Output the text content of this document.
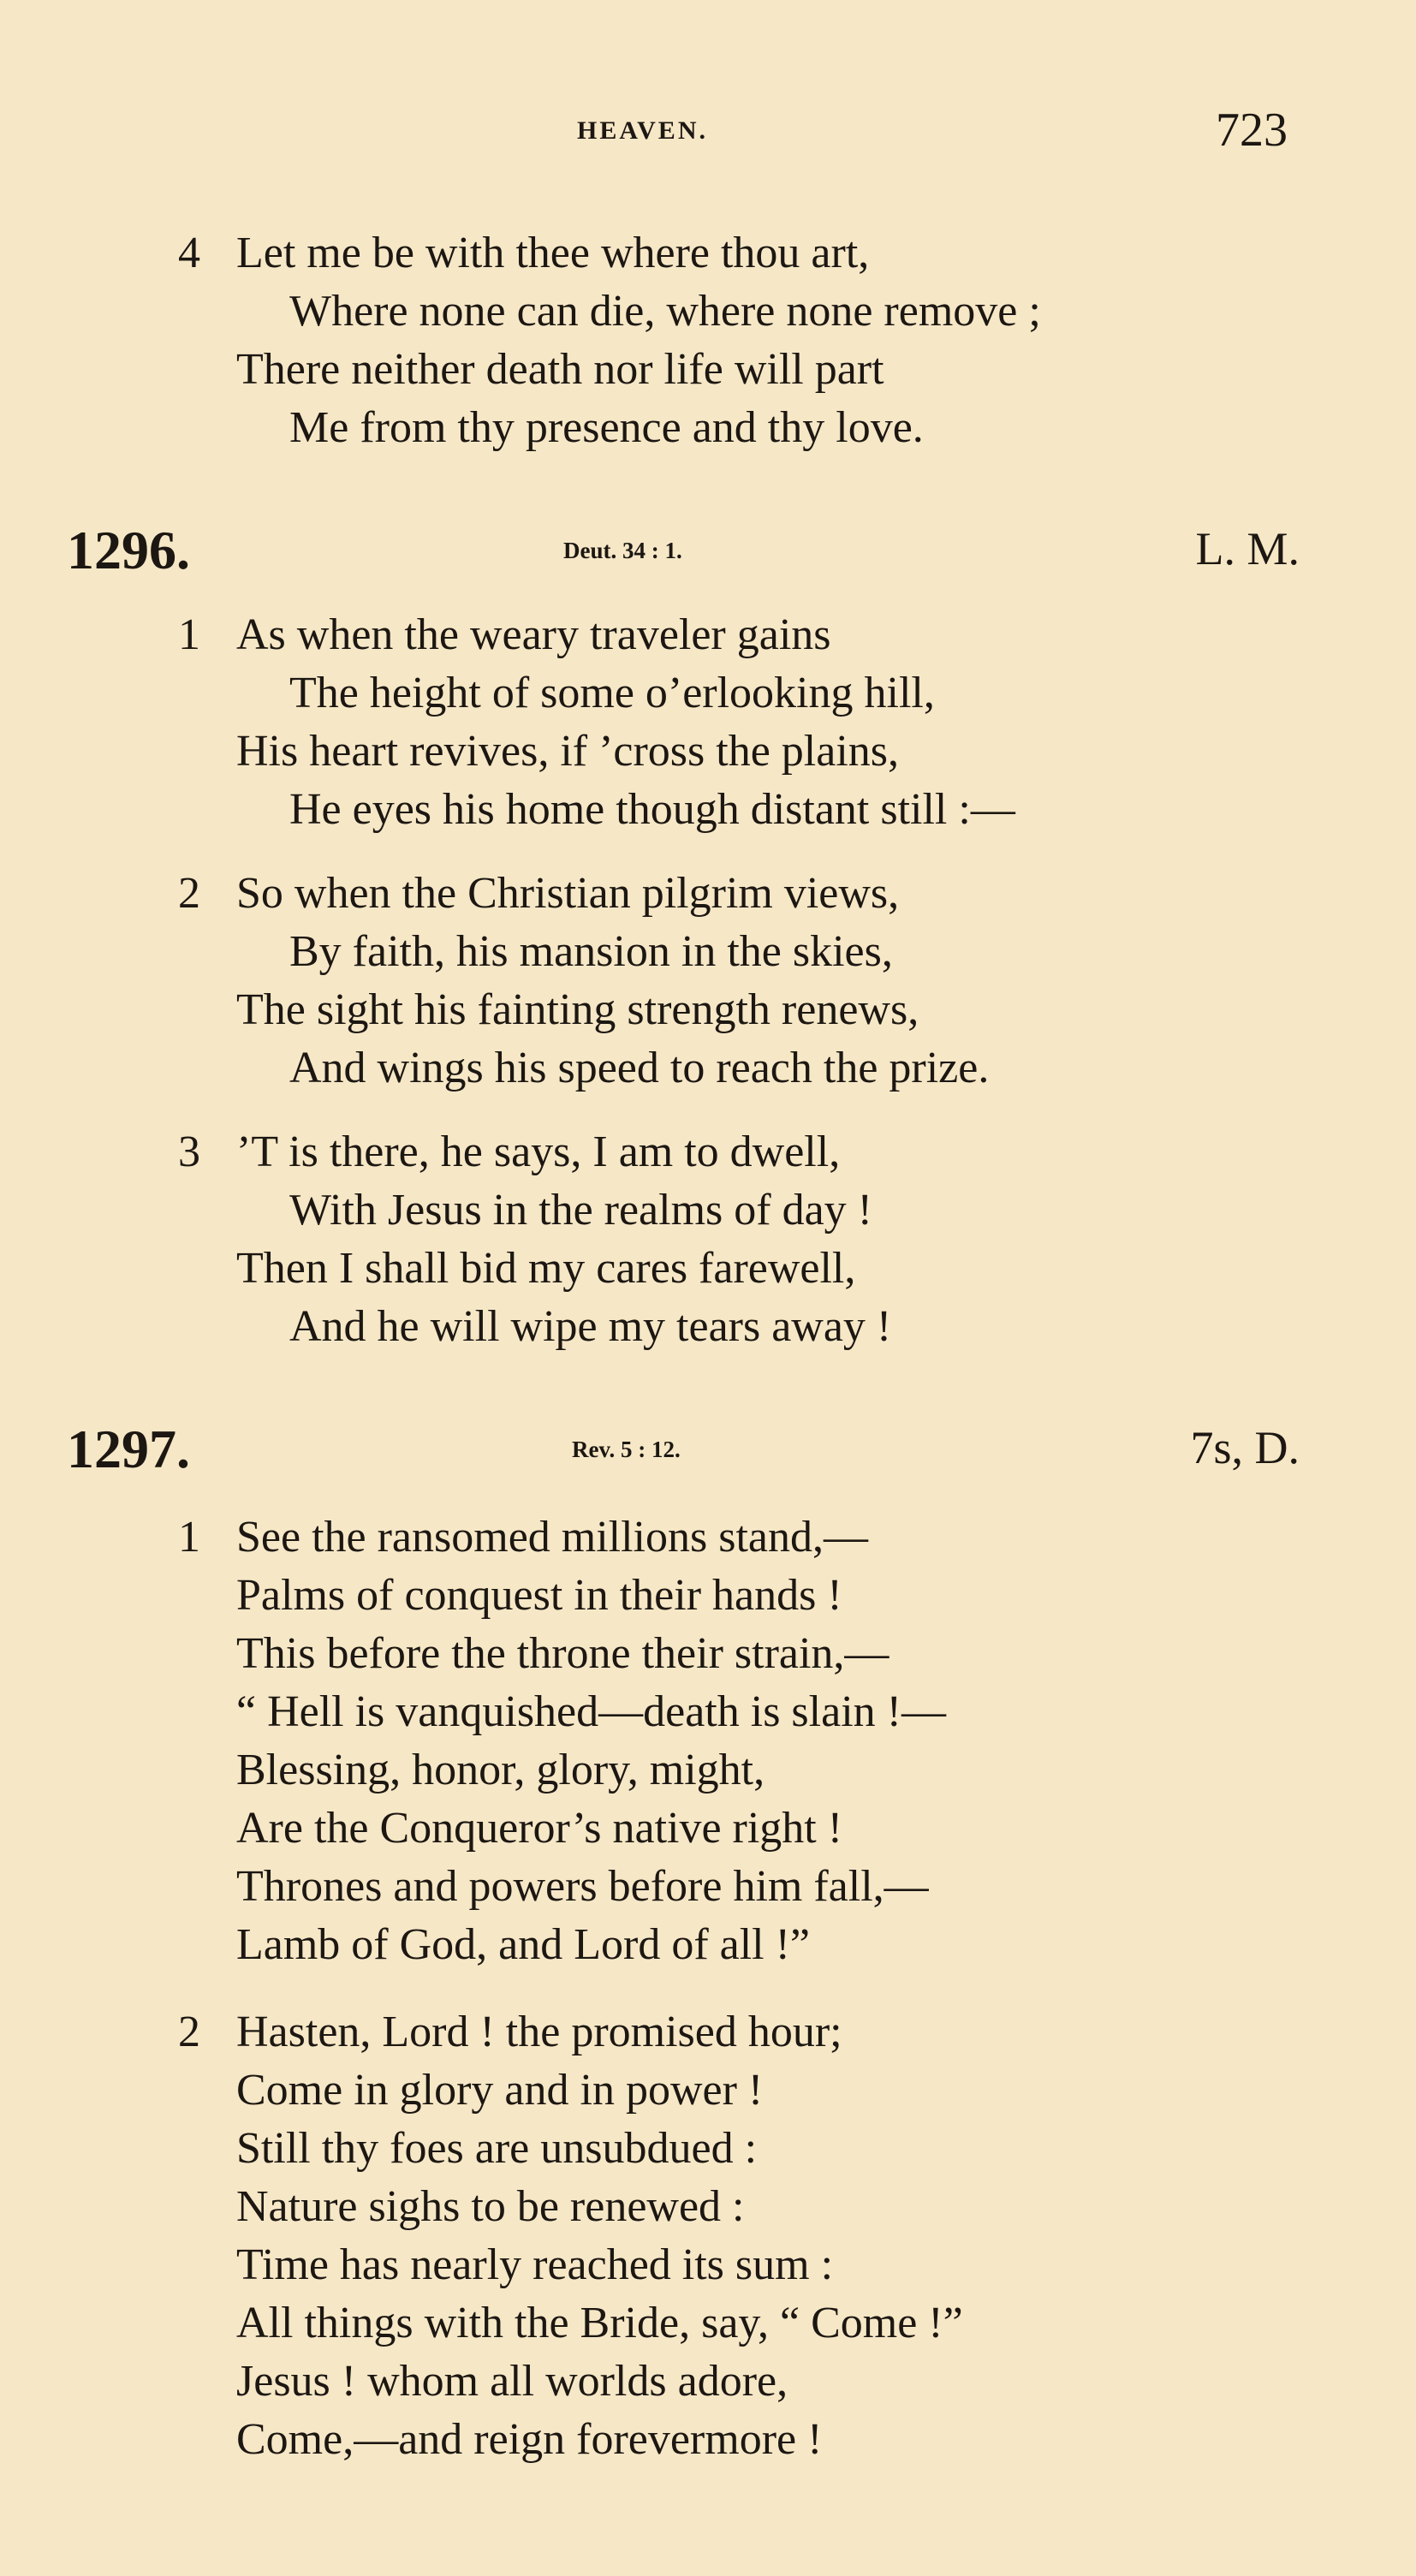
HEAVEN.	723
4 Let me be with thee where thou art,
Where none can die, where none remove ;
There neither death nor life will part
Me from thy presence and thy love.
1296.	Deut. 34 : 1.	L. M.
1 As when the weary traveler gains
The height of some o’erlooking hill,
His heart revives, if ’cross the plains,
He eyes his home though distant still :—
2 So when the Christian pilgrim views,
By faith, his mansion in the skies,
The sight his fainting strength renews,
And wings his speed to reach the prize.
3 ’T is there, he says, I am to dwell,
With Jesus in the realms of day !
Then I shall bid my cares farewell,
And he will wipe my tears away !
1297.	Rev. 5 : 12.	7s, D.
1 See the ransomed millions stand,—
Palms of conquest in their hands !
This before the throne their strain,—
“ Hell is vanquished—death is slain !—
Blessing, honor, glory, might,
Are the Conqueror’s native right !
Thrones and powers before him fall,—
Lamb of God, and Lord of all !”
2 Hasten, Lord ! the promised hour;
Come in glory and in power !
Still thy foes are unsubdued :
Nature sighs to be renewed :
Time has nearly reached its sum :
All things with the Bride, say, “ Come !”
Jesus ! whom all worlds adore,
Come,—and reign forevermore !
